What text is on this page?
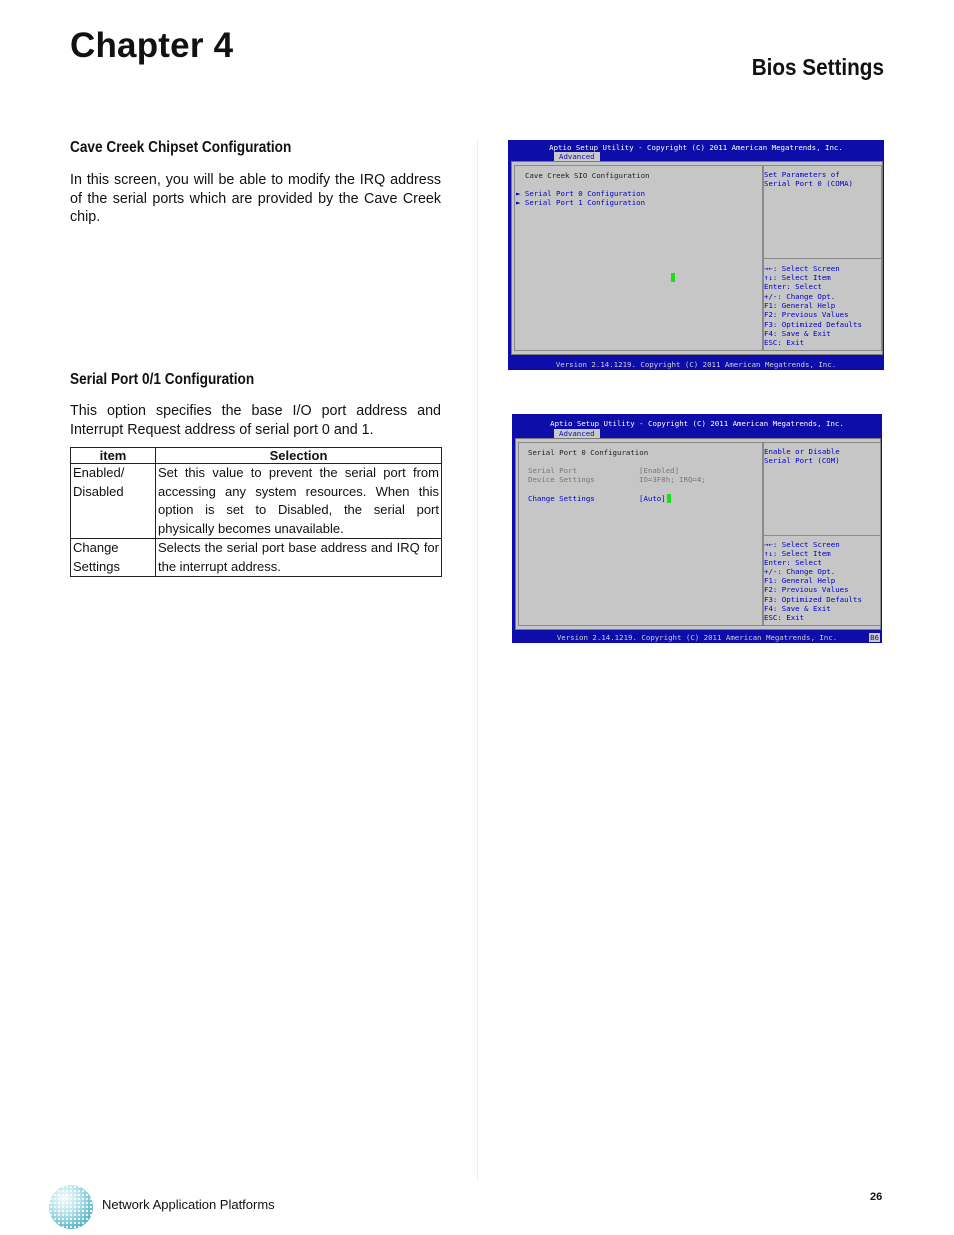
Chapter 4
Bios Settings
Cave Creek Chipset Configuration

In this screen, you will be able to modify the IRQ address of the serial ports which are provided by the Cave Creek chip.

Serial Port 0/1 Configuration

This option specifies the base I/O port address and Interrupt Request address of serial port 0 and 1.

item	Selection
Enabled/ Disabled	Set this value to prevent the serial port from accessing any system resources. When this option is set to Disabled, the serial port physically becomes unavailable.
Change Settings	Selects the serial port base address and IRQ for the interrupt address.
Aptio Setup Utility - Copyright (C) 2011 American Megatrends, Inc.
Advanced
Cave Creek SIO Configuration
► Serial Port 0 Configuration
► Serial Port 1 Configuration
Set Parameters of
Serial Port 0 (COMA)
→←: Select Screen
↑↓: Select Item
Enter: Select
+/-: Change Opt.
F1: General Help
F2: Previous Values
F3: Optimized Defaults
F4: Save & Exit
ESC: Exit
Version 2.14.1219. Copyright (C) 2011 American Megatrends, Inc.
Aptio Setup Utility - Copyright (C) 2011 American Megatrends, Inc.
Advanced
Serial Port 0 Configuration
Serial Port	[Enabled]
Device Settings	IO=3F8h; IRQ=4;
Change Settings	[Auto]
Enable or Disable
Serial Port (COM)
→←: Select Screen
↑↓: Select Item
Enter: Select
+/-: Change Opt.
F1: General Help
F2: Previous Values
F3: Optimized Defaults
F4: Save & Exit
ESC: Exit
Version 2.14.1219. Copyright (C) 2011 American Megatrends, Inc.	B6

Network Application Platforms	26
